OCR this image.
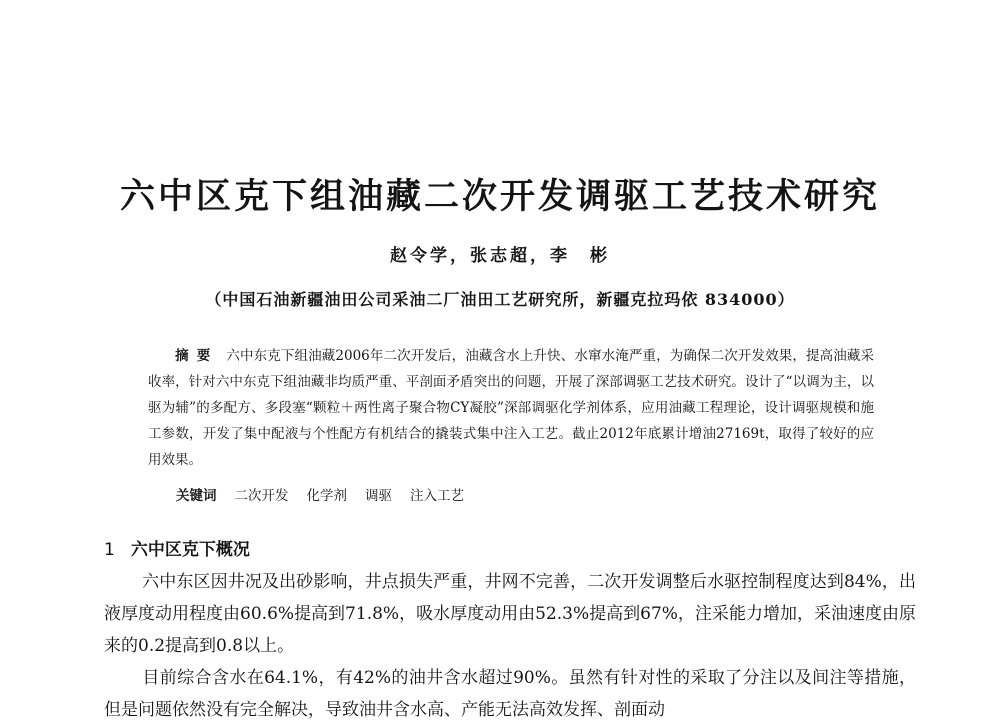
六中区克下组油藏二次开发调驱工艺技术研究
赵令学，张志超，李　彬
（中国石油新疆油田公司采油二厂油田工艺研究所，新疆克拉玛依 834000）

摘要 六中东克下组油藏2006年二次开发后，油藏含水上升快、水窜水淹严重，为确保二次开发效果，提高油藏采收率，针对六中东克下组油藏非均质严重、平剖面矛盾突出的问题，开展了深部调驱工艺技术研究。设计了“以调为主，以驱为辅”的多配方、多段塞“颗粒＋两性离子聚合物CY凝胶”深部调驱化学剂体系，应用油藏工程理论，设计调驱规模和施工参数，开发了集中配液与个性配方有机结合的撬装式集中注入工艺。截止2012年底累计增油27169t，取得了较好的应用效果。

关键词 二次开发 化学剂 调驱 注入工艺
1 六中区克下概况

六中东区因井况及出砂影响，井点损失严重，井网不完善，二次开发调整后水驱控制程度达到84%，出液厚度动用程度由60.6%提高到71.8%，吸水厚度动用由52.3%提高到67%，注采能力增加，采油速度由原来的0.2提高到0.8以上。

目前综合含水在64.1%，有42%的油井含水超过90%。虽然有针对性的采取了分注以及间注等措施，但是问题依然没有完全解决，导致油井含水高、产能无法高效发挥、剖面动
